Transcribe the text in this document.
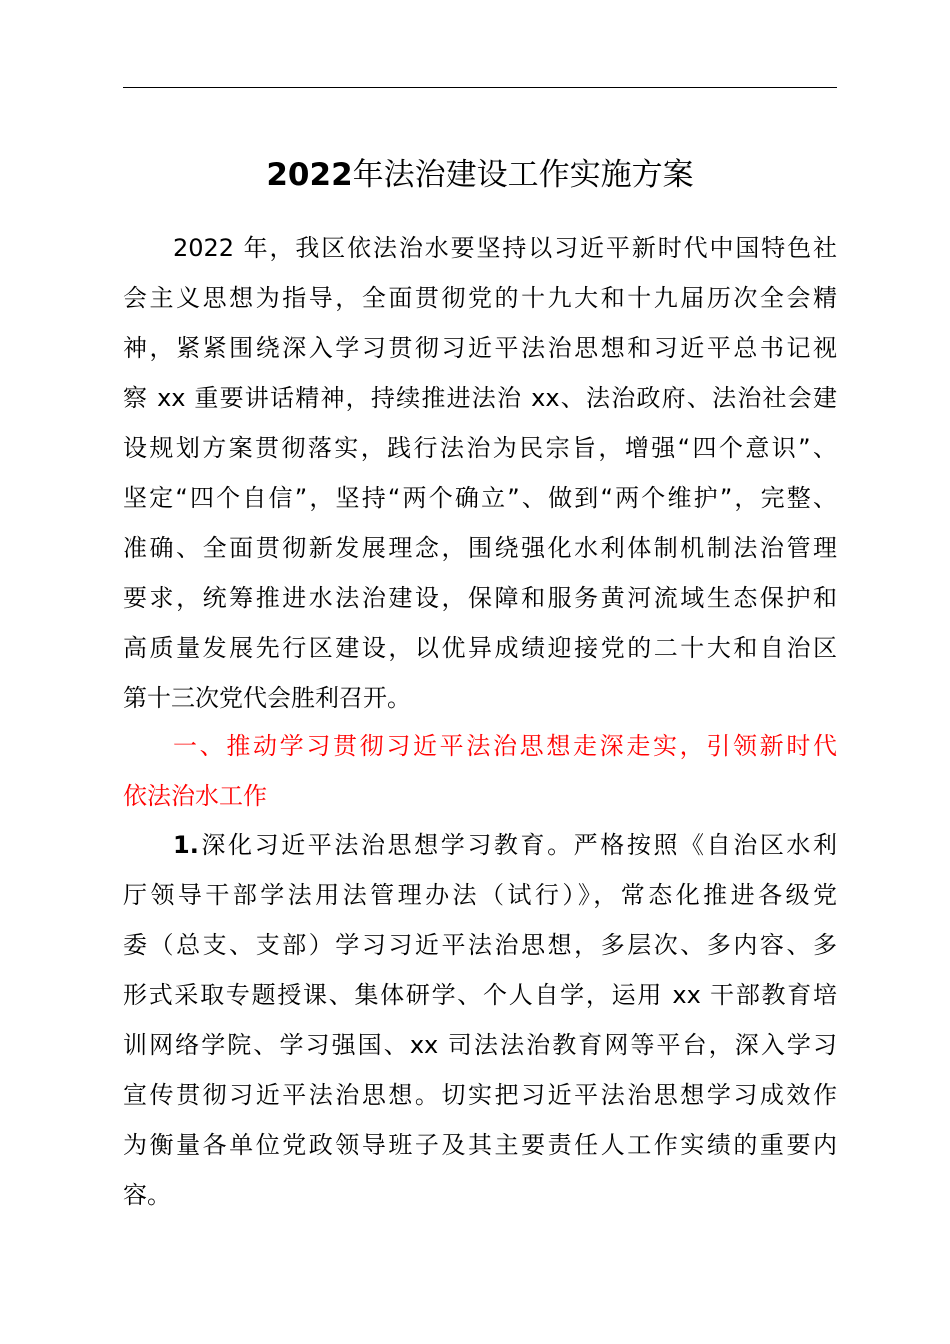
2022年法治建设工作实施方案
2022 年，我区依法治水要坚持以习近平新时代中国特色社
会主义思想为指导，全面贯彻党的十九大和十九届历次全会精
神，紧紧围绕深入学习贯彻习近平法治思想和习近平总书记视
察 xx 重要讲话精神，持续推进法治 xx、法治政府、法治社会建
设规划方案贯彻落实，践行法治为民宗旨，增强“四个意识”、
坚定“四个自信”，坚持“两个确立”、做到“两个维护”，完整、
准确、全面贯彻新发展理念，围绕强化水利体制机制法治管理
要求，统筹推进水法治建设，保障和服务黄河流域生态保护和
高质量发展先行区建设，以优异成绩迎接党的二十大和自治区
第十三次党代会胜利召开。
一、推动学习贯彻习近平法治思想走深走实，引领新时代
依法治水工作
1.深化习近平法治思想学习教育。严格按照《自治区水利
厅领导干部学法用法管理办法（试行）》，常态化推进各级党
委（总支、支部）学习习近平法治思想，多层次、多内容、多
形式采取专题授课、集体研学、个人自学，运用 xx 干部教育培
训网络学院、学习强国、xx 司法法治教育网等平台，深入学习
宣传贯彻习近平法治思想。切实把习近平法治思想学习成效作
为衡量各单位党政领导班子及其主要责任人工作实绩的重要内
容。
